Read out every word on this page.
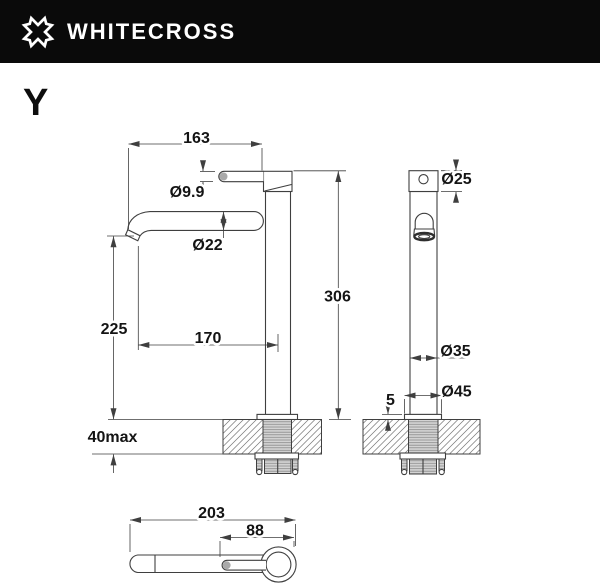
WHITECROSS
Y
163
Ø9.9
Ø22
225
170
40max
Ø25
306
Ø35
Ø45
5
203
88
